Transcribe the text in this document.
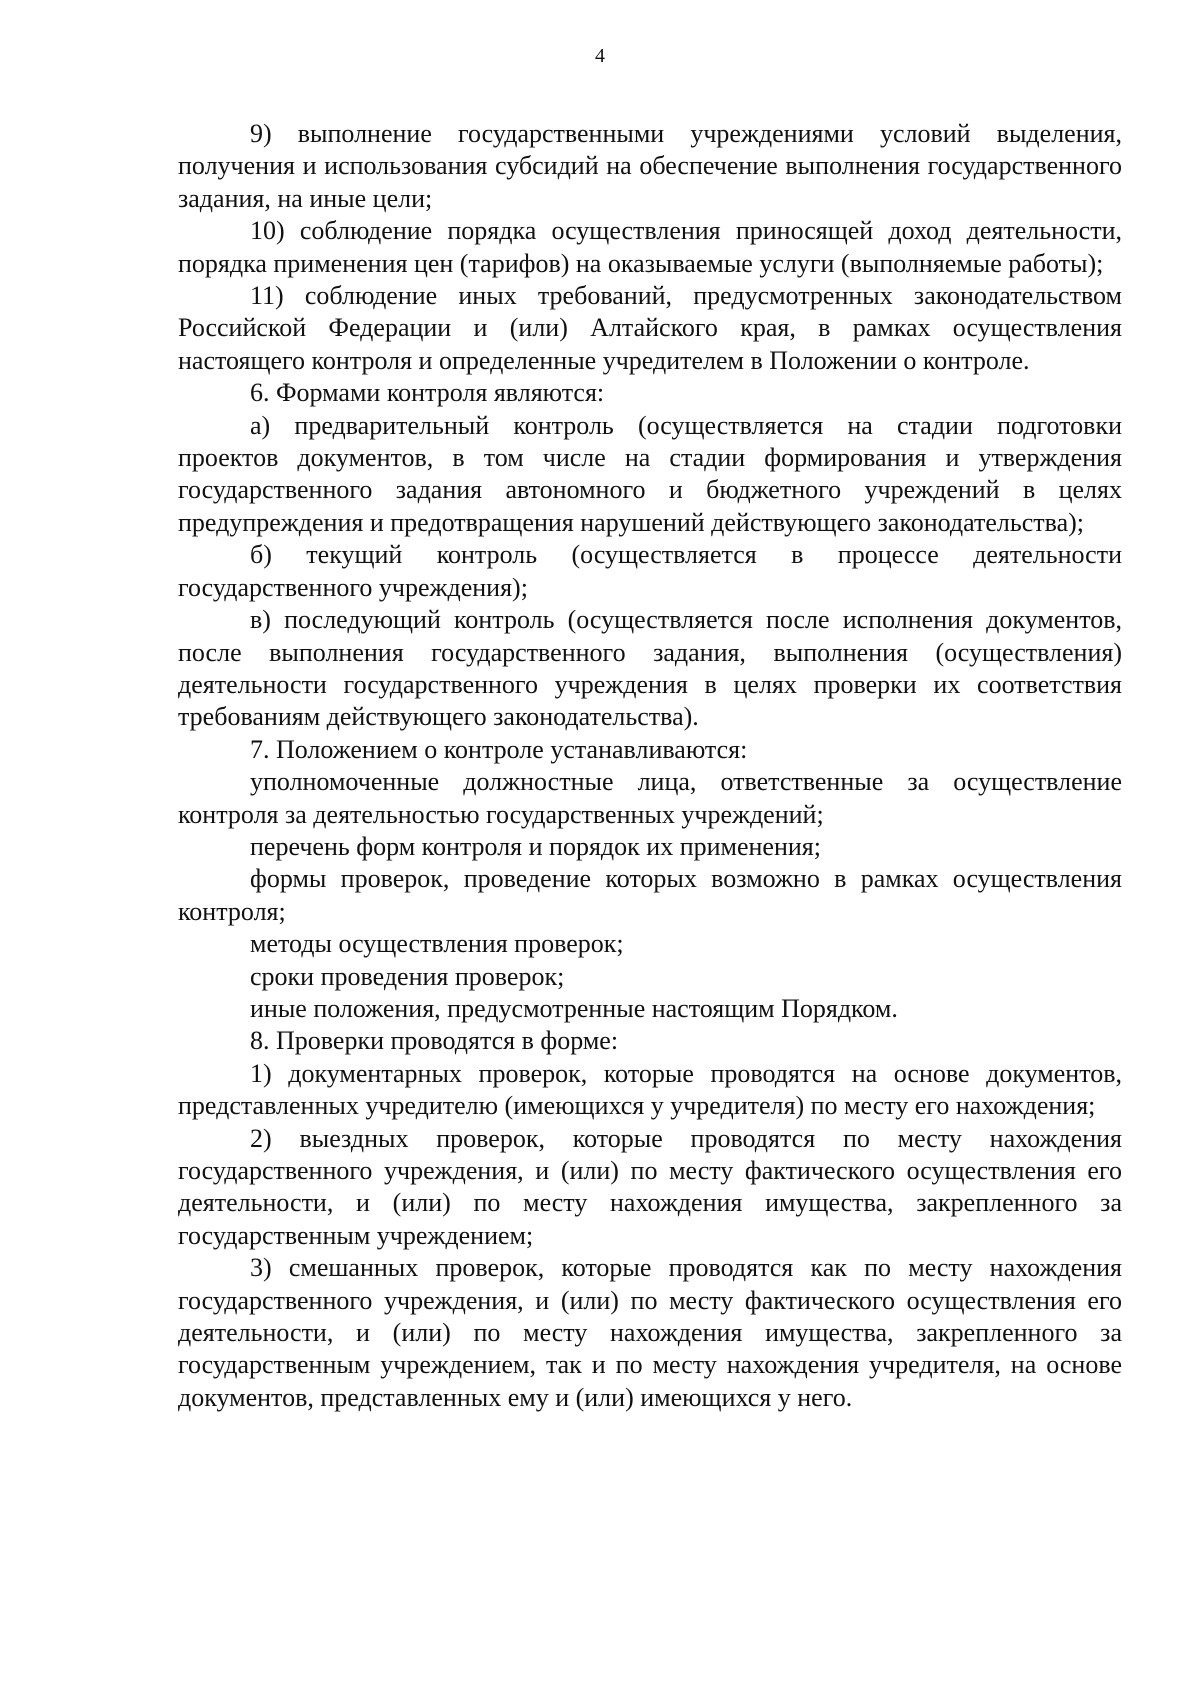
4

9) выполнение государственными учреждениями условий выделения, получения и использования субсидий на обеспечение выполнения государственного задания, на иные цели;

10) соблюдение порядка осуществления приносящей доход деятельности, порядка применения цен (тарифов) на оказываемые услуги (выполняемые работы);

11) соблюдение иных требований, предусмотренных законодательством Российской Федерации и (или) Алтайского края, в рамках осуществления настоящего контроля и определенные учредителем в Положении о контроле.

6. Формами контроля являются:

а) предварительный контроль (осуществляется на стадии подготовки проектов документов, в том числе на стадии формирования и утверждения государственного задания автономного и бюджетного учреждений в целях предупреждения и предотвращения нарушений действующего законодательства);

б) текущий контроль (осуществляется в процессе деятельности государственного учреждения);

в) последующий контроль (осуществляется после исполнения документов, после выполнения государственного задания, выполнения (осуществления) деятельности государственного учреждения в целях проверки их соответствия требованиям действующего законодательства).

7. Положением о контроле устанавливаются:

уполномоченные должностные лица, ответственные за осуществление контроля за деятельностью государственных учреждений;

перечень форм контроля и порядок их применения;

формы проверок, проведение которых возможно в рамках осуществления контроля;

методы осуществления проверок;

сроки проведения проверок;

иные положения, предусмотренные настоящим Порядком.

8. Проверки проводятся в форме:

1) документарных проверок, которые проводятся на основе документов, представленных учредителю (имеющихся у учредителя) по месту его нахождения;

2) выездных проверок, которые проводятся по месту нахождения государственного учреждения, и (или) по месту фактического осуществления его деятельности, и (или) по месту нахождения имущества, закрепленного за государственным учреждением;

3) смешанных проверок, которые проводятся как по месту нахождения государственного учреждения, и (или) по месту фактического осуществления его деятельности, и (или) по месту нахождения имущества, закрепленного за государственным учреждением, так и по месту нахождения учредителя, на основе документов, представленных ему и (или) имеющихся у него.
